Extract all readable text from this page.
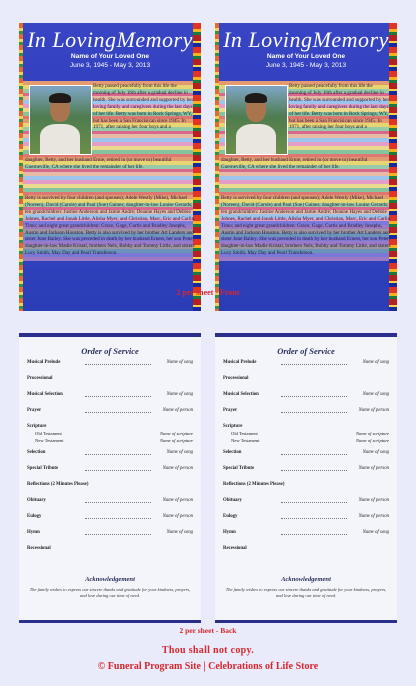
In LovingMemory
Name of Your Loved One
June 3, 1945 - May 3, 2013
Betty passed peacefully from this life the morning of July 16th after a gradual decline in health. She was surrounded and supported by her loving family and caregivers during the last days of her life. Betty was born in Rock Springs, WY, but has been a San Francisican since 1945. In 1971, after raising her four boys and a
daughter, Betty, and her husband Ernie, retired in (or move to) beautiful Guerneville, CA where she lived the remainder of her life.
Betty is survived by four children (and spouses); Adele Westly (Mike), Michael (Noreen), David (Carole) and Paul (Sue) Gaines; daughter-in-law Louise Gerards; ten grandchildren: Justine Anderson and Jamie Andre; Deanne Hayes and Debbie Johnes, Rachel and Jonah Little, Alisha Myer, and Christian, Marc, Eric and Carlin Timo; and eight great grandchildren: Grace, Gage, Curtis and Bradley Josephs, Austin and Jackson Houston. Betty is also survived by her brother Art Landers and sister June Bailey. She was preceded in death by her husband Ernest, her son Peter, daughter-in-law Madie Kristal, brothers Nels, Bobby and Tommy Little, and sisters Lucy Smith, May Day and Pearl Transferson.
In LovingMemory
Name of Your Loved One
June 3, 1945 - May 3, 2013
Betty passed peacefully from this life the morning of July 16th after a gradual decline in health. She was surrounded and supported by her loving family and caregivers during the last days of her life. Betty was born in Rock Springs, WY, but has been a San Francisican since 1945. In 1971, after raising her four boys and a
daughter, Betty, and her husband Ernie, retired in (or move to) beautiful Guerneville, CA where she lived the remainder of her life.
Betty is survived by four children (and spouses); Adele Westly (Mike), Michael (Noreen), David (Carole) and Paul (Sue) Gaines; daughter-in-law Louise Gerards; ten grandchildren: Justine Anderson and Jamie Andre; Deanne Hayes and Debbie Johnes, Rachel and Jonah Little, Alisha Myer, and Christian, Marc, Eric and Carlin Timo; and eight great grandchildren: Grace, Gage, Curtis and Bradley Josephs, Austin and Jackson Houston. Betty is also survived by her brother Art Landers and sister June Bailey. She was preceded in death by her husband Ernest, her son Peter, daughter-in-law Madie Kristal, brothers Nels, Bobby and Tommy Little, and sisters Lucy Smith, May Day and Pearl Transferson.
2 per sheet - Front
Order of Service
Musical Prelude	Name of song
Processional
Musical Selection	Name of song
Prayer	Name of person
Scripture
Old Testament	Name of scripture
New Testament	Name of scripture
Selection	Name of song
Special Tribute	Name of person
Reflections (2 Minutes Please)
Obituary	Name of person
Eulogy	Name of person
Hymn	Name of song
Recessional
Acknowledgement
The family wishes to express our sincere thanks and gratitude for your kindness, prayers, and love during our time of need.
Order of Service
Musical Prelude	Name of song
Processional
Musical Selection	Name of song
Prayer	Name of person
Scripture
Old Testament	Name of scripture
New Testament	Name of scripture
Selection	Name of song
Special Tribute	Name of person
Reflections (2 Minutes Please)
Obituary	Name of person
Eulogy	Name of person
Hymn	Name of song
Recessional
Acknowledgement
The family wishes to express our sincere thanks and gratitude for your kindness, prayers, and love during our time of need.
2 per sheet - Back
Thou shall not copy.
© Funeral Program Site | Celebrations of Life Store
